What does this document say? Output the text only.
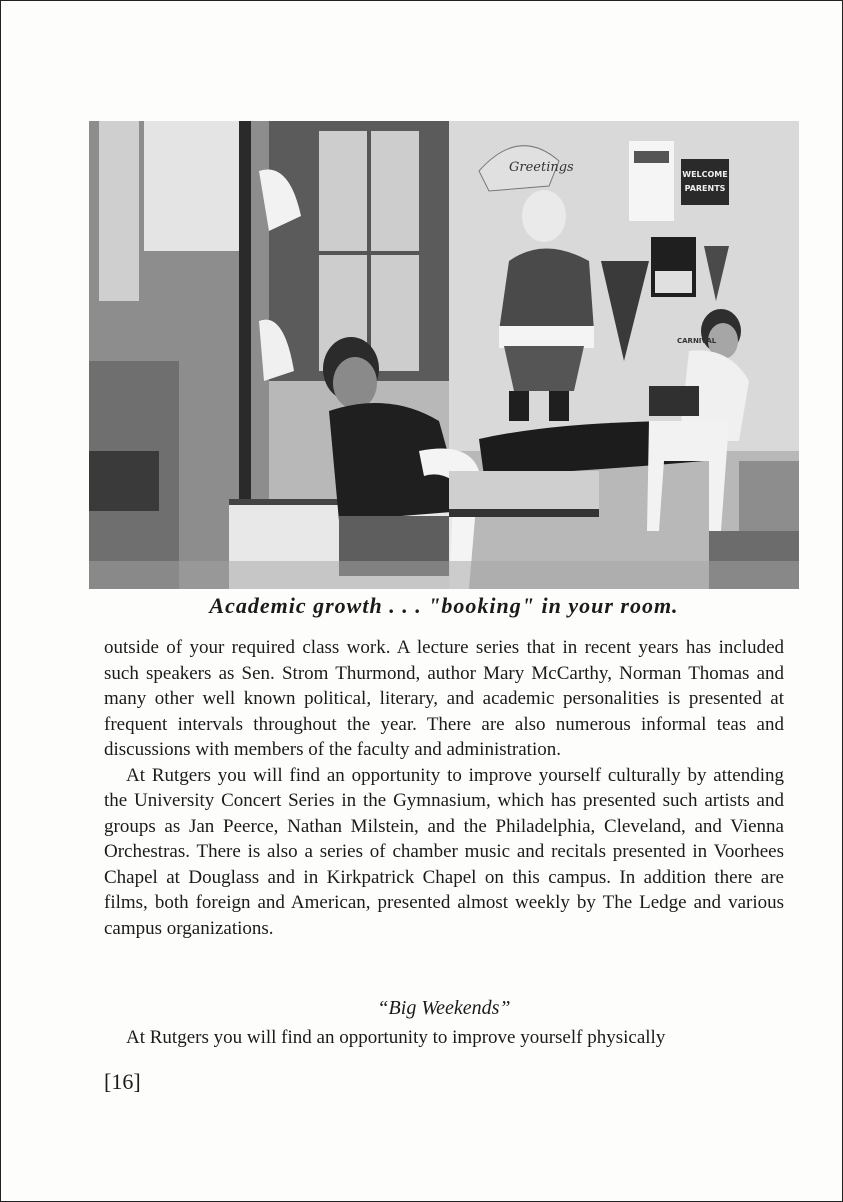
Greetings	WELCOME
PARENTS
CARNIVAL
Academic growth . . . "booking" in your room.

outside of your required class work. A lecture series that in recent years has included such speakers as Sen. Strom Thurmond, author Mary McCarthy, Norman Thomas and many other well known political, literary, and academic personalities is presented at frequent intervals throughout the year. There are also numerous informal teas and discussions with members of the faculty and administration.

At Rutgers you will find an opportunity to improve yourself culturally by attending the University Concert Series in the Gymnasium, which has presented such artists and groups as Jan Peerce, Nathan Milstein, and the Philadelphia, Cleveland, and Vienna Orchestras. There is also a series of chamber music and recitals presented in Voorhees Chapel at Douglass and in Kirkpatrick Chapel on this campus. In addition there are films, both foreign and American, presented almost weekly by The Ledge and various campus organizations.

“Big Weekends”
At Rutgers you will find an opportunity to improve yourself physically
[16]
